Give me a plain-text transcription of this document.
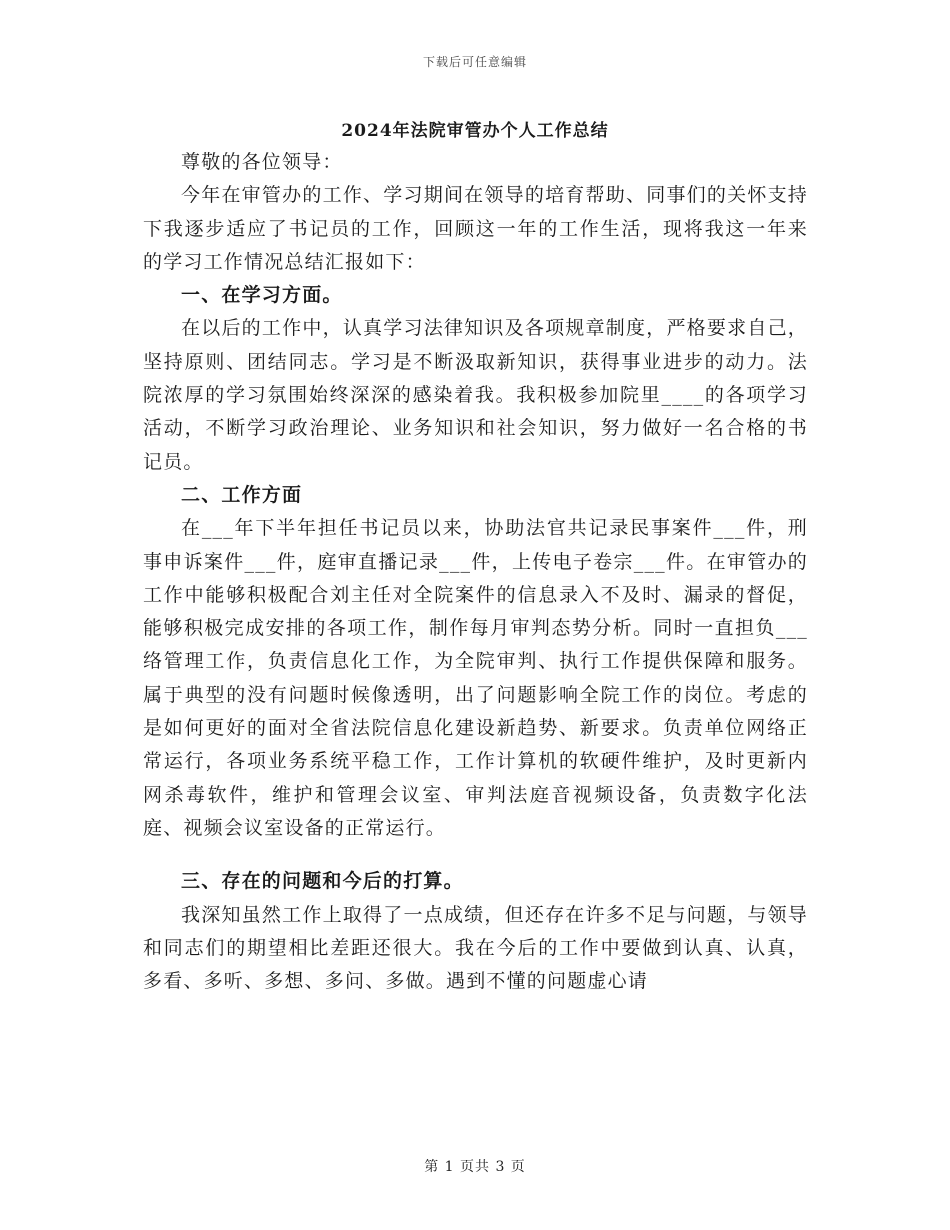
下载后可任意编辑
2024年法院审管办个人工作总结

尊敬的各位领导：

今年在审管办的工作、学习期间在领导的培育帮助、同事们的关怀支持下我逐步适应了书记员的工作，回顾这一年的工作生活，现将我这一年来的学习工作情况总结汇报如下：

一、在学习方面。

在以后的工作中，认真学习法律知识及各项规章制度，严格要求自己，坚持原则、团结同志。学习是不断汲取新知识，获得事业进步的动力。法院浓厚的学习氛围始终深深的感染着我。我积极参加院里____的各项学习活动，不断学习政治理论、业务知识和社会知识，努力做好一名合格的书记员。

二、工作方面

在___年下半年担任书记员以来，协助法官共记录民事案件___件，刑事申诉案件___件，庭审直播记录___件，上传电子卷宗___件。在审管办的工作中能够积极配合刘主任对全院案件的信息录入不及时、漏录的督促，能够积极完成安排的各项工作，制作每月审判态势分析。同时一直担负___络管理工作，负责信息化工作，为全院审判、执行工作提供保障和服务。属于典型的没有问题时候像透明，出了问题影响全院工作的岗位。考虑的是如何更好的面对全省法院信息化建设新趋势、新要求。负责单位网络正常运行，各项业务系统平稳工作，工作计算机的软硬件维护，及时更新内网杀毒软件，维护和管理会议室、审判法庭音视频设备，负责数字化法庭、视频会议室设备的正常运行。

三、存在的问题和今后的打算。

我深知虽然工作上取得了一点成绩，但还存在许多不足与问题，与领导和同志们的期望相比差距还很大。我在今后的工作中要做到认真、认真，多看、多听、多想、多问、多做。遇到不懂的问题虚心请

第 1 页共 3 页
